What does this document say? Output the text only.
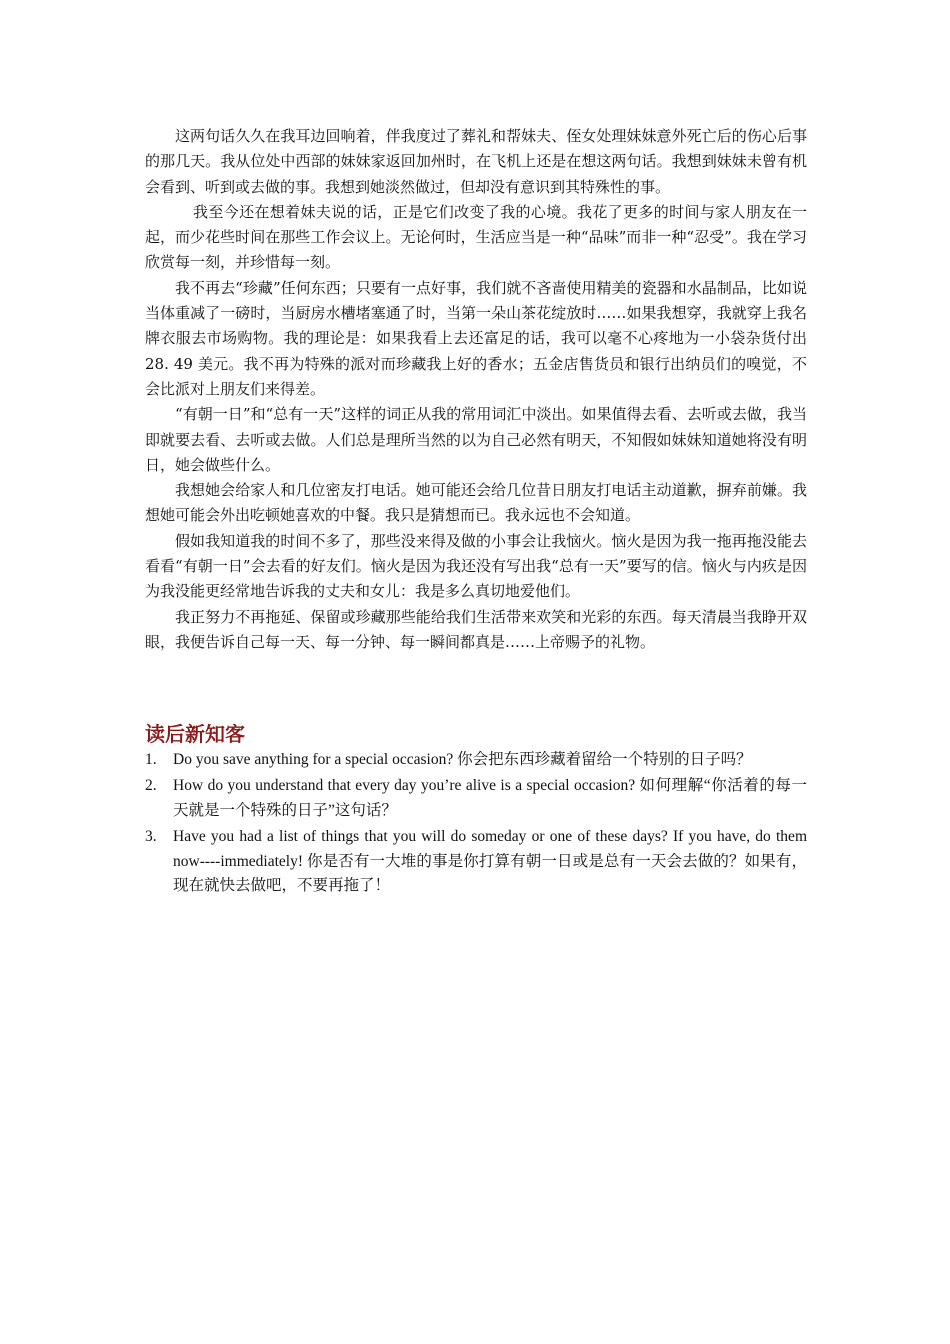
这两句话久久在我耳边回响着，伴我度过了葬礼和帮妹夫、侄女处理妹妹意外死亡后的伤心后事的那几天。我从位处中西部的妹妹家返回加州时，在飞机上还是在想这两句话。我想到妹妹未曾有机会看到、听到或去做的事。我想到她淡然做过，但却没有意识到其特殊性的事。

我至今还在想着妹夫说的话，正是它们改变了我的心境。我花了更多的时间与家人朋友在一起，而少花些时间在那些工作会议上。无论何时，生活应当是一种“品味”而非一种“忍受”。我在学习欣赏每一刻，并珍惜每一刻。

我不再去“珍藏”任何东西；只要有一点好事，我们就不吝啬使用精美的瓷器和水晶制品，比如说当体重减了一磅时，当厨房水槽堵塞通了时，当第一朵山茶花绽放时……如果我想穿，我就穿上我名牌衣服去市场购物。我的理论是：如果我看上去还富足的话，我可以毫不心疼地为一小袋杂货付出 28. 49 美元。我不再为特殊的派对而珍藏我上好的香水；五金店售货员和银行出纳员们的嗅觉，不会比派对上朋友们来得差。

“有朝一日”和“总有一天”这样的词正从我的常用词汇中淡出。如果值得去看、去听或去做，我当即就要去看、去听或去做。人们总是理所当然的以为自己必然有明天，不知假如妹妹知道她将没有明日，她会做些什么。

我想她会给家人和几位密友打电话。她可能还会给几位昔日朋友打电话主动道歉，摒弃前嫌。我想她可能会外出吃顿她喜欢的中餐。我只是猜想而已。我永远也不会知道。

假如我知道我的时间不多了，那些没来得及做的小事会让我恼火。恼火是因为我一拖再拖没能去看看“有朝一日”会去看的好友们。恼火是因为我还没有写出我“总有一天”要写的信。恼火与内疚是因为我没能更经常地告诉我的丈夫和女儿：我是多么真切地爱他们。

我正努力不再拖延、保留或珍藏那些能给我们生活带来欢笑和光彩的东西。每天清晨当我睁开双眼，我便告诉自己每一天、每一分钟、每一瞬间都真是……上帝赐予的礼物。

读后新知客
1. Do you save anything for a special occasion? 你会把东西珍藏着留给一个特别的日子吗？
2. How do you understand that every day you’re alive is a special occasion? 如何理解“你活着的每一天就是一个特殊的日子”这句话？
3. Have you had a list of things that you will do someday or one of these days? If you have, do them now----immediately! 你是否有一大堆的事是你打算有朝一日或是总有一天会去做的？如果有，现在就快去做吧，不要再拖了！
